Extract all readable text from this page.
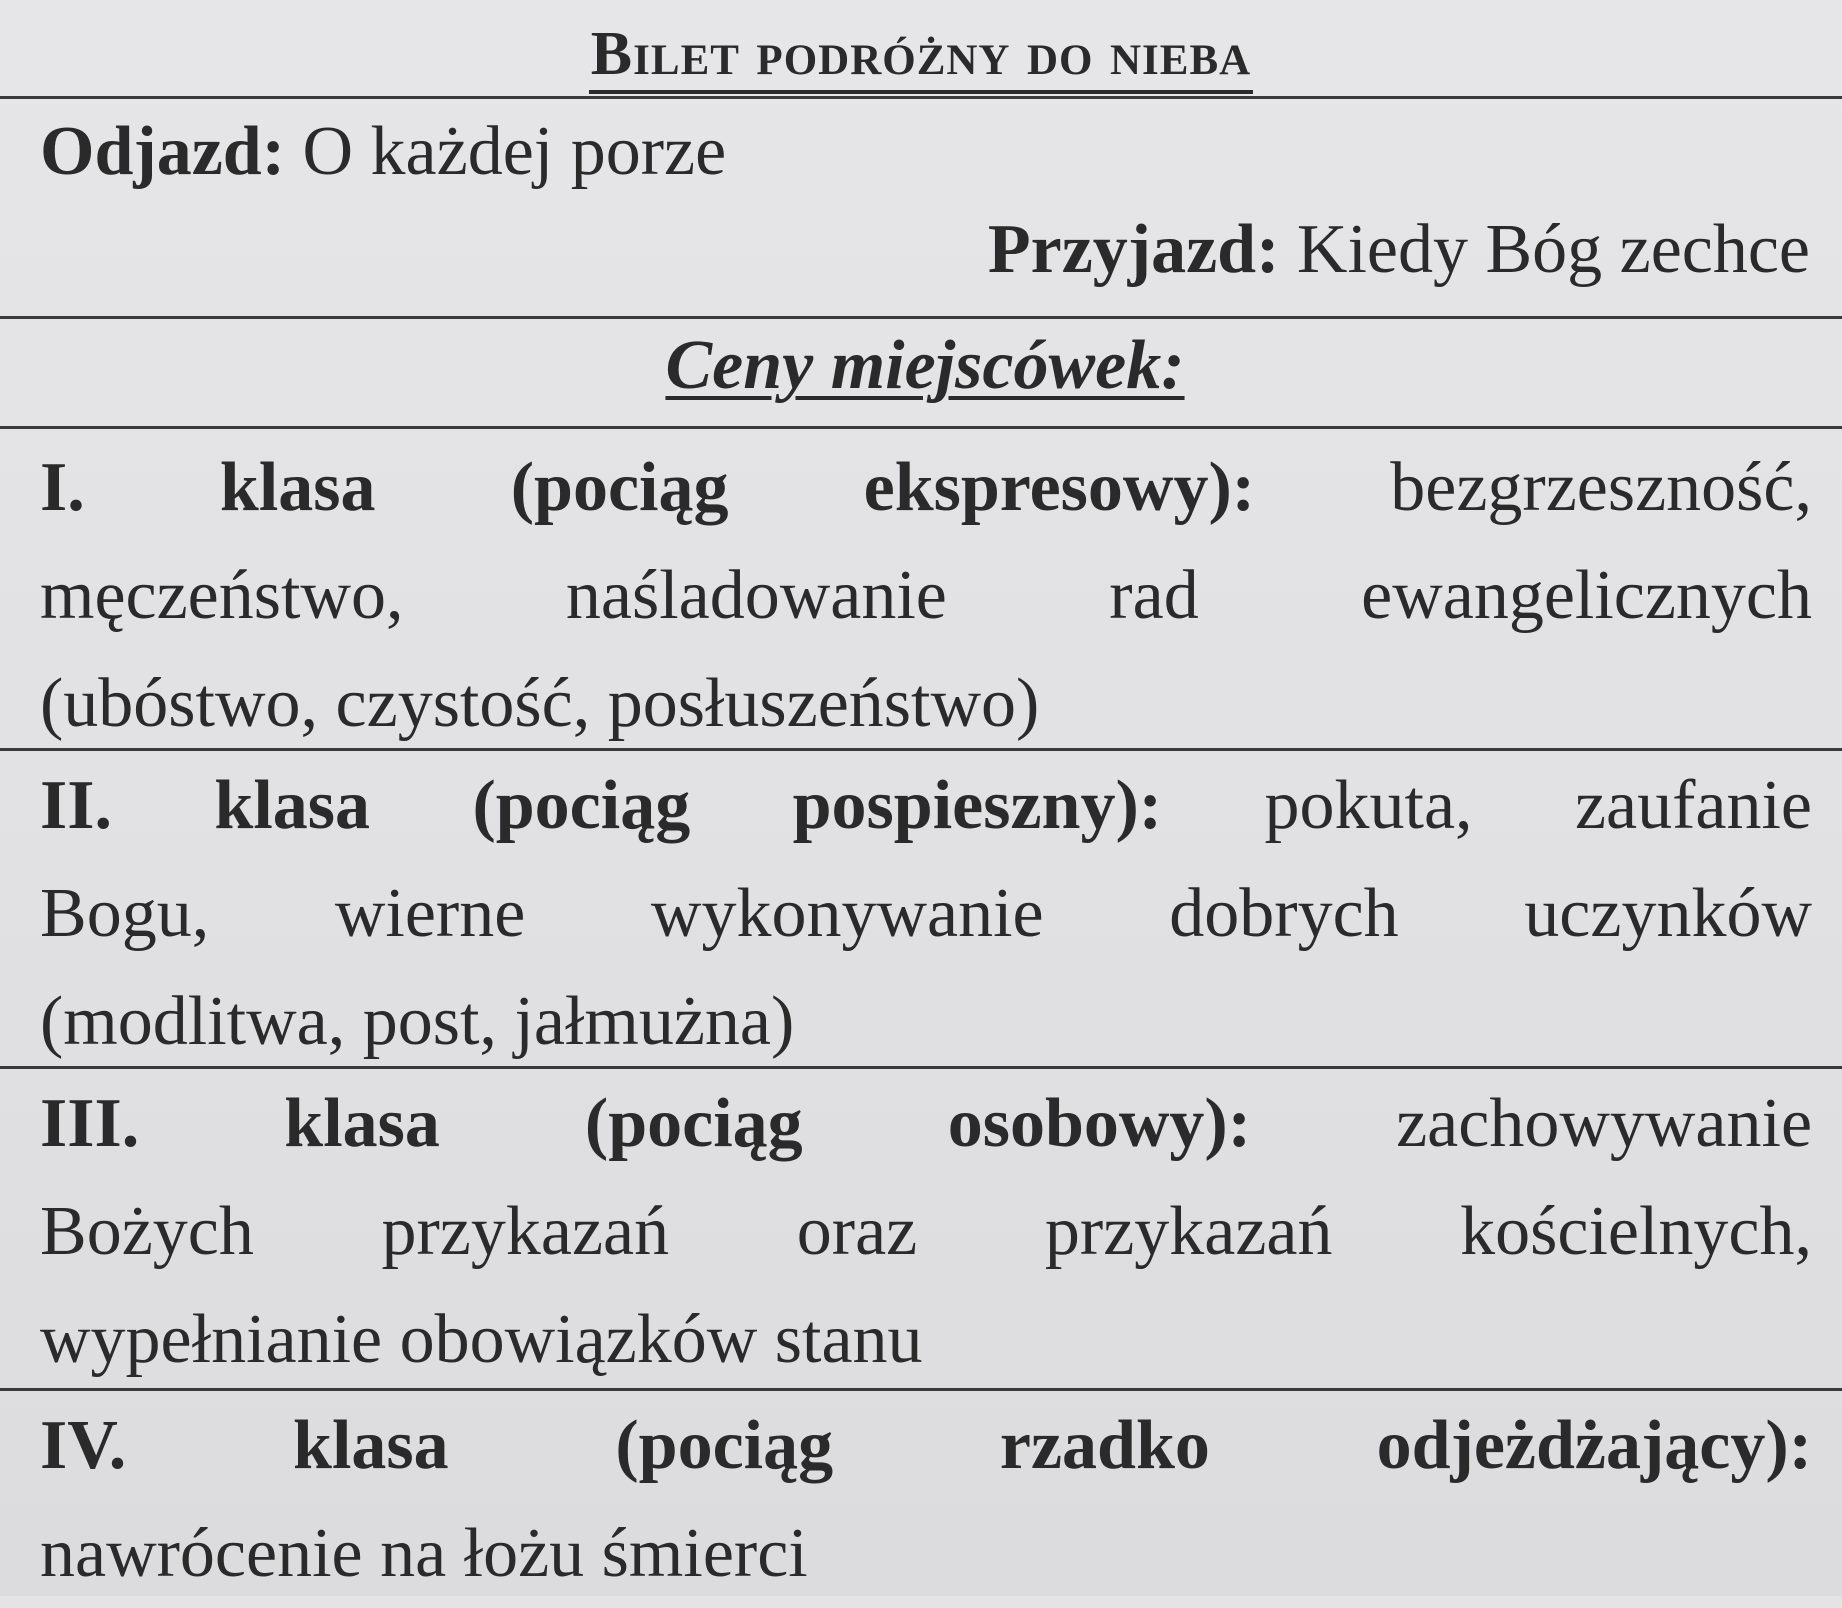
Bilet podróżny do nieba
Odjazd: O każdej porze
Przyjazd: Kiedy Bóg zechce
Ceny miejscówek:
I. klasa (pociąg ekspresowy): bezgrzeszność,
męczeństwo, naśladowanie rad ewangelicznych
(ubóstwo, czystość, posłuszeństwo)
II. klasa (pociąg pospieszny): pokuta, zaufanie
Bogu, wierne wykonywanie dobrych uczynków
(modlitwa, post, jałmużna)
III. klasa (pociąg osobowy): zachowywanie
Bożych przykazań oraz przykazań kościelnych,
wypełnianie obowiązków stanu
IV. klasa (pociąg rzadko odjeżdżający):
nawrócenie na łożu śmierci
